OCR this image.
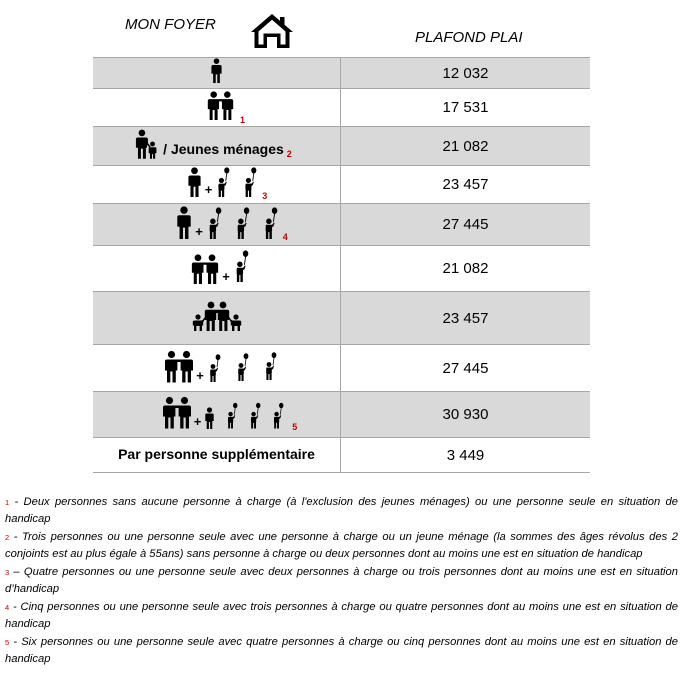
MON FOYER
PLAFOND PLAI
	12 032

1	17 531

/ Jeunes ménages 2	21 082

+ 3	23 457

+ 4	27 445

+	21 082

	23 457

+	27 445

+ 5	30 930
Par personne supplémentaire	3 449

1 - Deux personnes sans aucune personne à charge (à l'exclusion des jeunes ménages) ou une personne seule en situation de handicap

2 - Trois personnes ou une personne seule avec une personne à charge ou un jeune ménage (la sommes des âges révolus des 2 conjoints est au plus égale à 55ans) sans personne à charge ou deux personnes dont au moins une est en situation de handicap

3 – Quatre personnes ou une personne seule avec deux personnes à charge ou trois personnes dont au moins une est en situation d’handicap

4 - Cinq personnes ou une personne seule avec trois personnes à charge ou quatre personnes dont au moins une est en situation de handicap

5 - Six personnes ou une personne seule avec quatre personnes à charge ou cinq personnes dont au moins une est en situation de handicap
